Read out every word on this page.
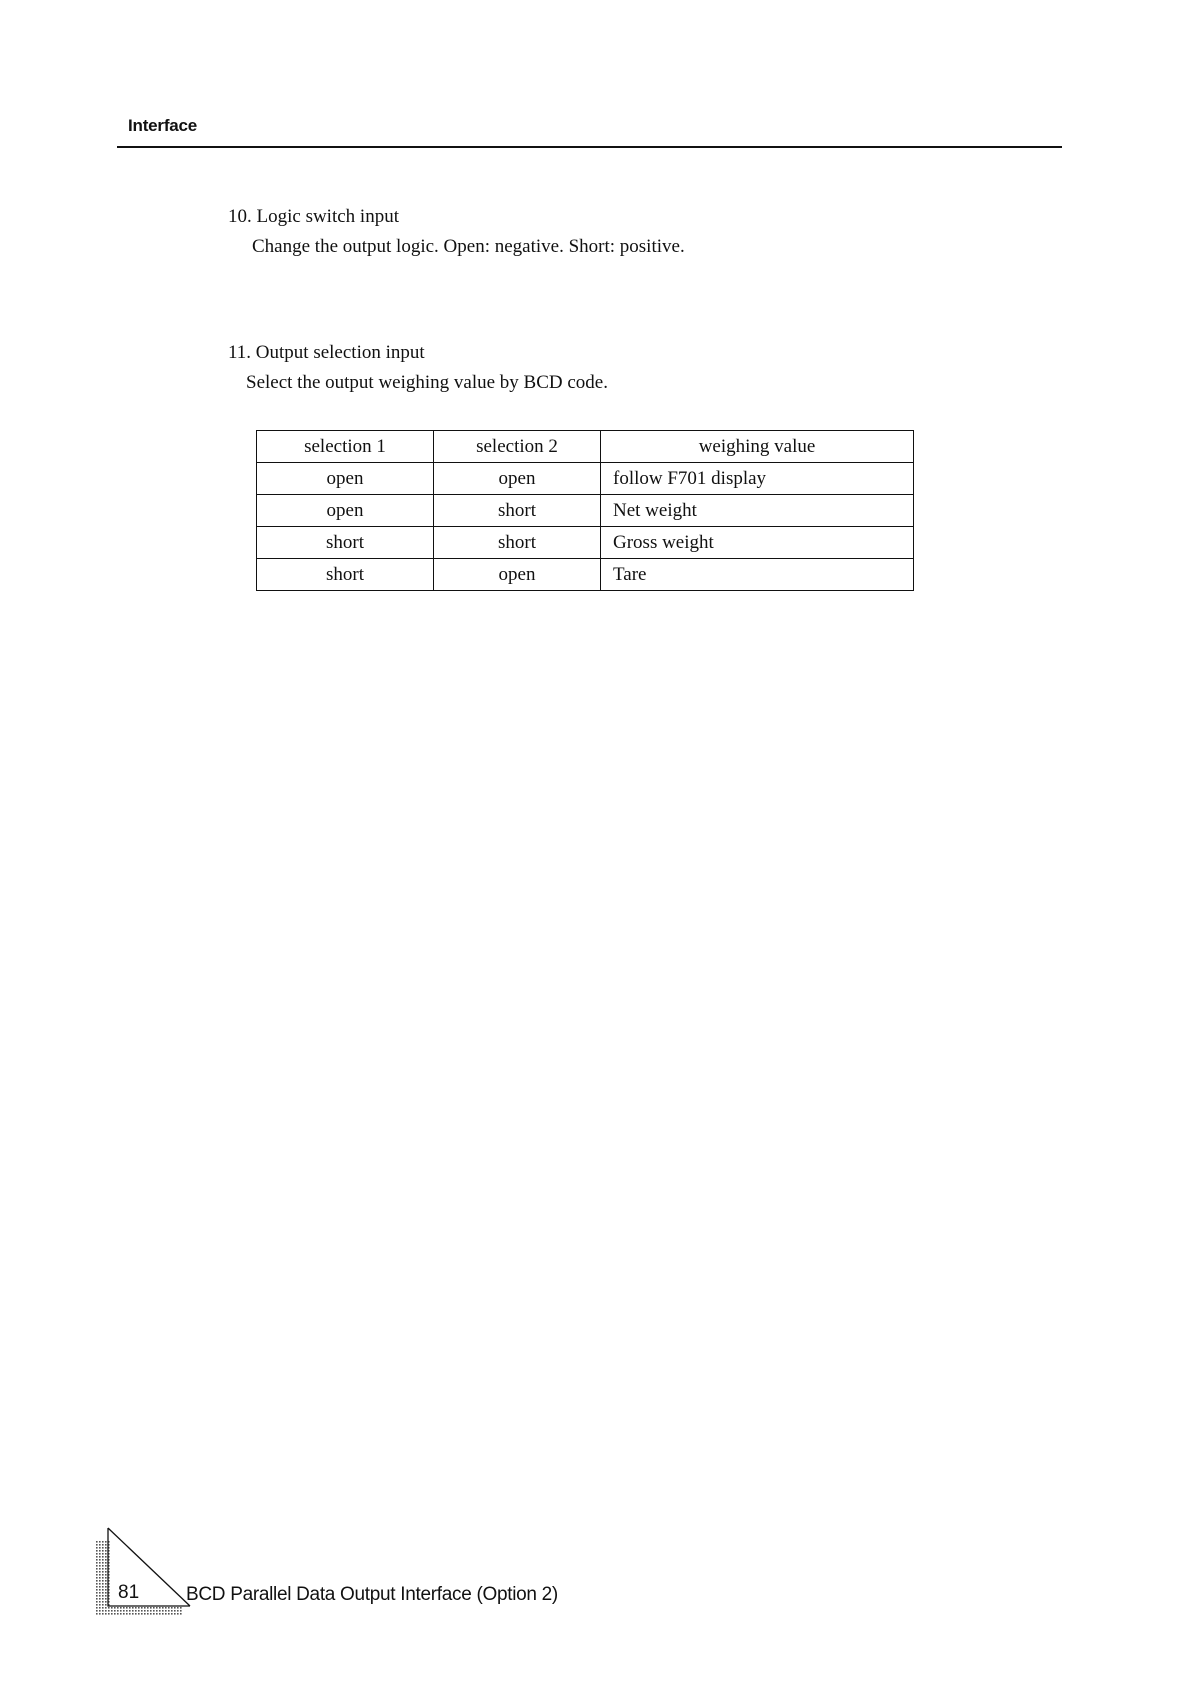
Interface
10. Logic switch input
Change the output logic. Open: negative. Short: positive.
11. Output selection input
Select the output weighing value by BCD code.
selection 1	selection 2	weighing value
open	open	follow F701 display
open	short	Net weight
short	short	Gross weight
short	open	Tare
81 BCD Parallel Data Output Interface (Option 2)
